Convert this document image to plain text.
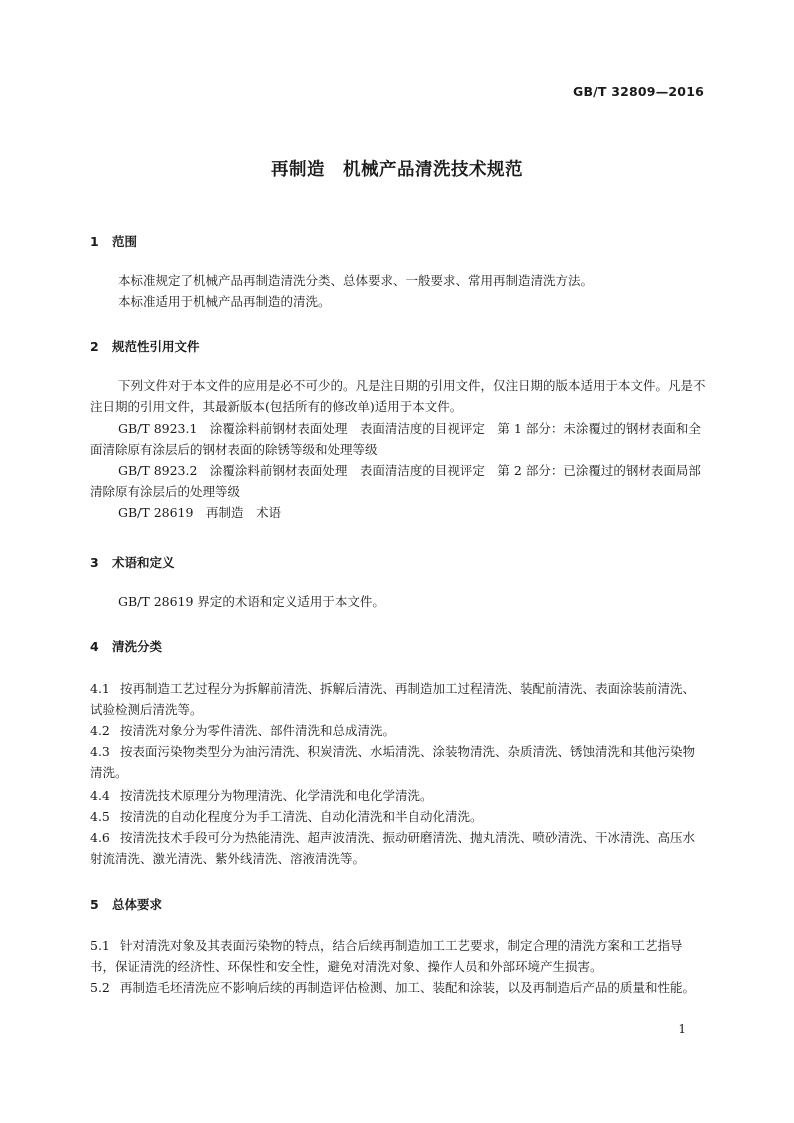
GB/T 32809—2016
再制造　机械产品清洗技术规范
1 范围
本标准规定了机械产品再制造清洗分类、总体要求、一般要求、常用再制造清洗方法。
本标准适用于机械产品再制造的清洗。
2 规范性引用文件
下列文件对于本文件的应用是必不可少的。凡是注日期的引用文件，仅注日期的版本适用于本文件。凡是不注日期的引用文件，其最新版本(包括所有的修改单)适用于本文件。
GB/T 8923.1　涂覆涂料前钢材表面处理　表面清洁度的目视评定　第 1 部分：未涂覆过的钢材表面和全面清除原有涂层后的钢材表面的除锈等级和处理等级
GB/T 8923.2　涂覆涂料前钢材表面处理　表面清洁度的目视评定　第 2 部分：已涂覆过的钢材表面局部清除原有涂层后的处理等级
GB/T 28619　再制造　术语
3 术语和定义
GB/T 28619 界定的术语和定义适用于本文件。
4 清洗分类
4.1 按再制造工艺过程分为拆解前清洗、拆解后清洗、再制造加工过程清洗、装配前清洗、表面涂装前清洗、试验检测后清洗等。
4.2 按清洗对象分为零件清洗、部件清洗和总成清洗。
4.3 按表面污染物类型分为油污清洗、积炭清洗、水垢清洗、涂装物清洗、杂质清洗、锈蚀清洗和其他污染物清洗。
4.4 按清洗技术原理分为物理清洗、化学清洗和电化学清洗。
4.5 按清洗的自动化程度分为手工清洗、自动化清洗和半自动化清洗。
4.6 按清洗技术手段可分为热能清洗、超声波清洗、振动研磨清洗、抛丸清洗、喷砂清洗、干冰清洗、高压水射流清洗、激光清洗、紫外线清洗、溶液清洗等。
5 总体要求
5.1 针对清洗对象及其表面污染物的特点，结合后续再制造加工工艺要求，制定合理的清洗方案和工艺指导书，保证清洗的经济性、环保性和安全性，避免对清洗对象、操作人员和外部环境产生损害。
5.2 再制造毛坯清洗应不影响后续的再制造评估检测、加工、装配和涂装，以及再制造后产品的质量和性能。
1
